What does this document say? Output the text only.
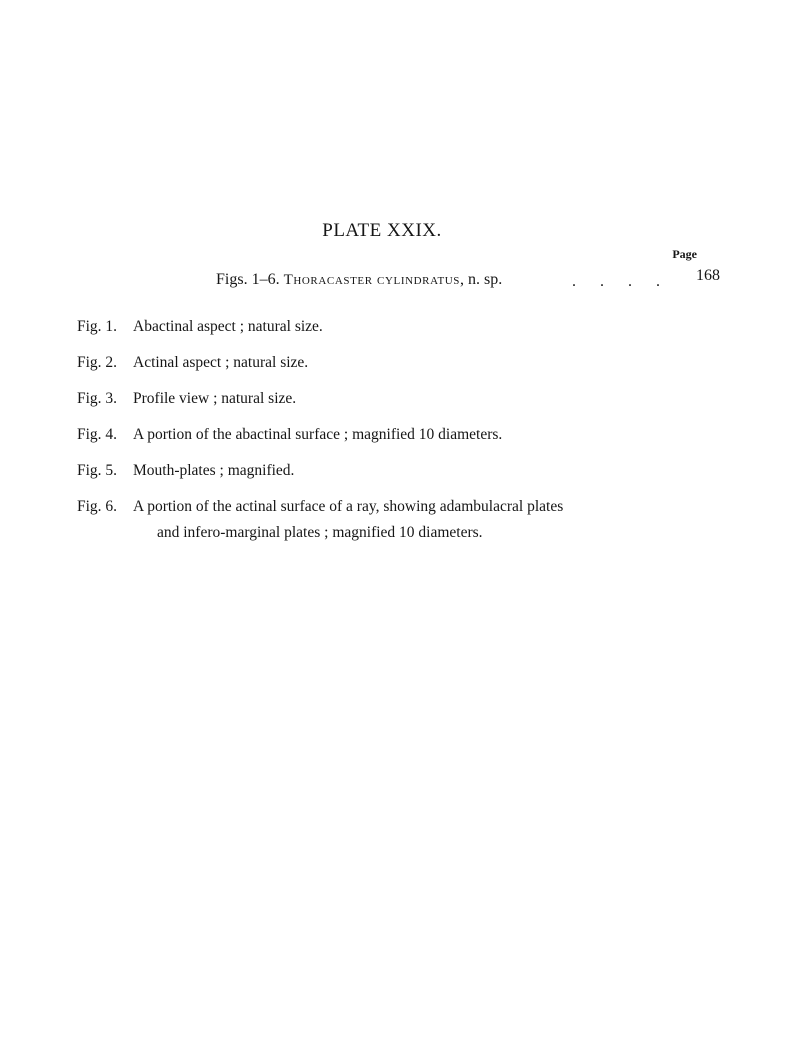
PLATE XXIX.
Page
Figs. 1–6. Thoracaster cylindratus, n. sp.	. . . . 168
Fig. 1.	Abactinal aspect ; natural size.
Fig. 2.	Actinal aspect ; natural size.
Fig. 3.	Profile view ; natural size.
Fig. 4.	A portion of the abactinal surface ; magnified 10 diameters.
Fig. 5.	Mouth-plates ; magnified.
Fig. 6.	A portion of the actinal surface of a ray, showing adambulacral plates
and infero-marginal plates ; magnified 10 diameters.
